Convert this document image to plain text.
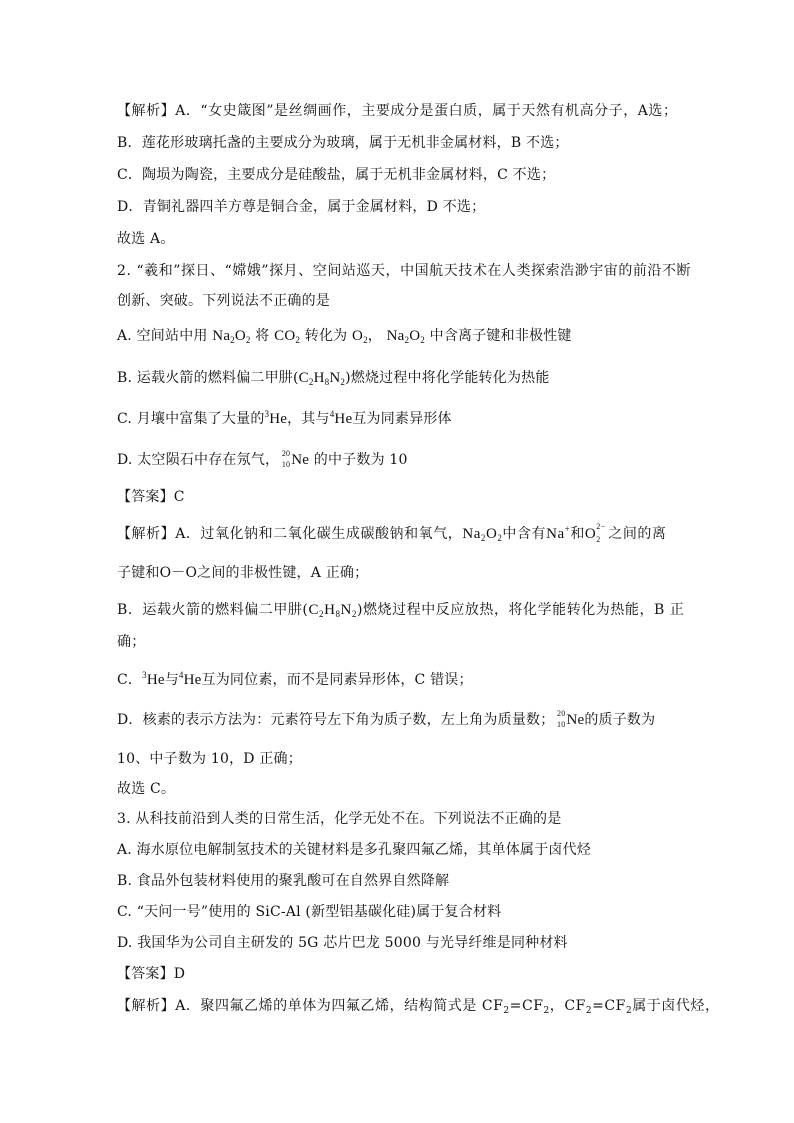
【解析】A．“女史箴图”是丝绸画作，主要成分是蛋白质，属于天然有机高分子，A选；
B．莲花形玻璃托盏的主要成分为玻璃，属于无机非金属材料，B 不选；
C．陶埙为陶瓷，主要成分是硅酸盐，属于无机非金属材料，C 不选；
D．青铜礼器四羊方尊是铜合金，属于金属材料，D 不选；
故选 A。
2. “羲和”探日、“嫦娥”探月、空间站巡天，中国航天技术在人类探索浩渺宇宙的前沿不断
创新、突破。下列说法不正确的是
A. 空间站中用 $Na_2O_2$ 将 $CO_2$ 转化为 $O_2$， $Na_2O_2$ 中含离子键和非极性键
B. 运载火箭的燃料偏二甲肼$(C_2H_8N_2)$燃烧过程中将化学能转化为热能
C. 月壤中富集了大量的$^3$He，其与$^4$He互为同素异形体
D. 太空陨石中存在氖气， 20
10 Ne 的中子数为 10
【答案】C
【解析】A．过氧化钠和二氧化碳生成碳酸钠和氧气，$Na_2O_2$中含有Na+和O 2−
2 之间的离
子键和O－O之间的非极性键，A 正确；
B．运载火箭的燃料偏二甲肼$(C_2H_8N_2)$燃烧过程中反应放热，将化学能转化为热能，B 正
确；
C．$^3$He与$^4$He互为同位素，而不是同素异形体，C 错误；
D．核素的表示方法为：元素符号左下角为质子数，左上角为质量数； 20
10 Ne的质子数为
10、中子数为 10，D 正确；
故选 C。
3. 从科技前沿到人类的日常生活，化学无处不在。下列说法不正确的是
A. 海水原位电解制氢技术的关键材料是多孔聚四氟乙烯，其单体属于卤代烃
B. 食品外包装材料使用的聚乳酸可在自然界自然降解
C. “天问一号”使用的 SiC-Al (新型铝基碳化硅)属于复合材料
D. 我国华为公司自主研发的 5G 芯片巴龙 5000 与光导纤维是同种材料
【答案】D
【解析】A．聚四氟乙烯的单体为四氟乙烯，结构简式是 $CF_2=CF_2$，$CF_2=CF_2$属于卤代烃，
